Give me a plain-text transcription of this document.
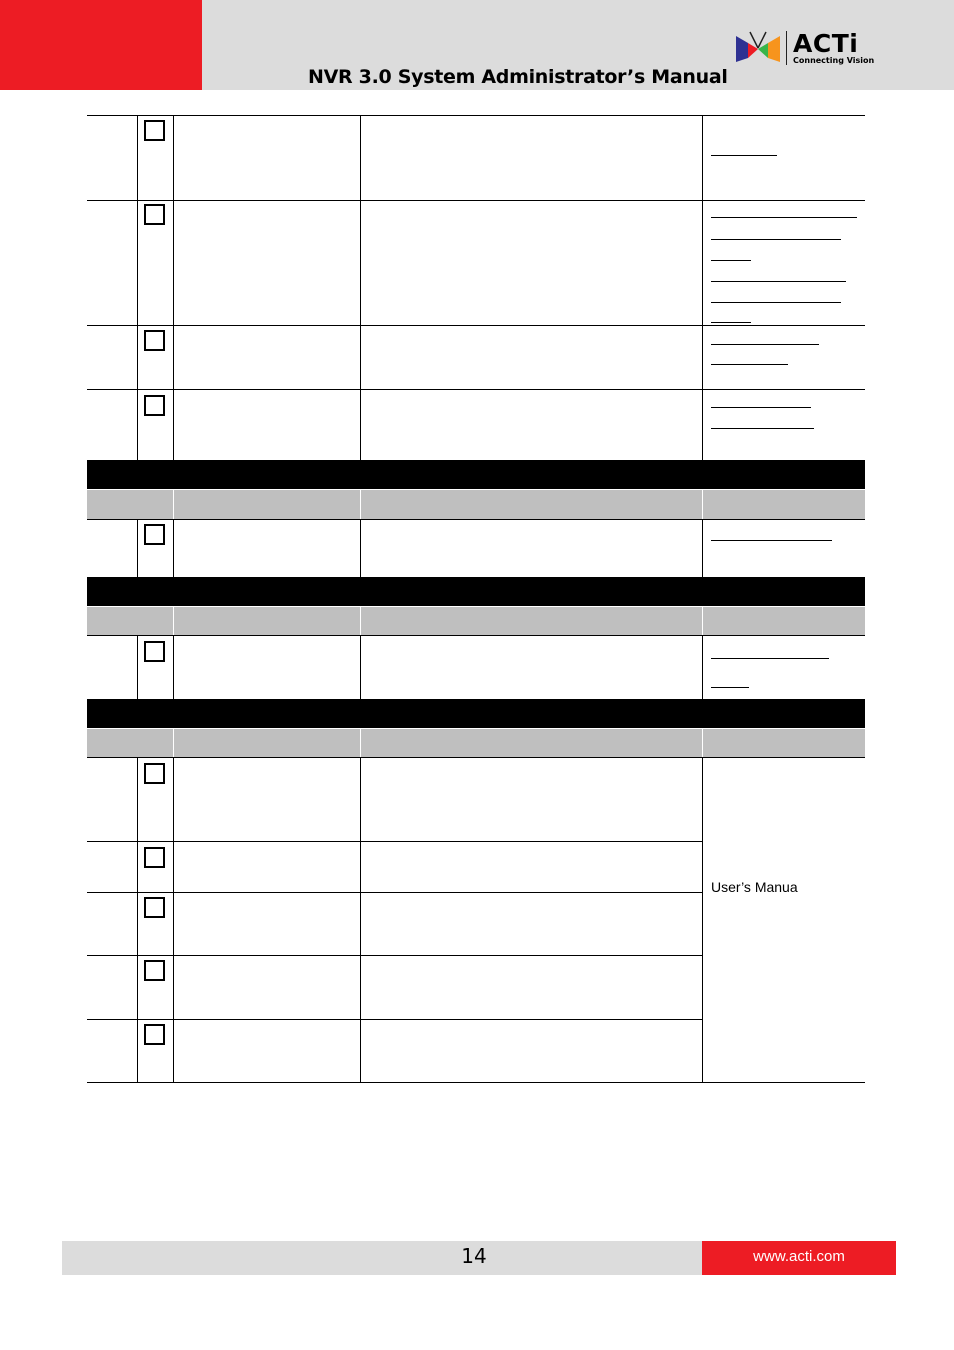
ACTi
Connecting Vision
NVR 3.0 System Administrator’s Manual
User’s Manua
14	www.acti.com
